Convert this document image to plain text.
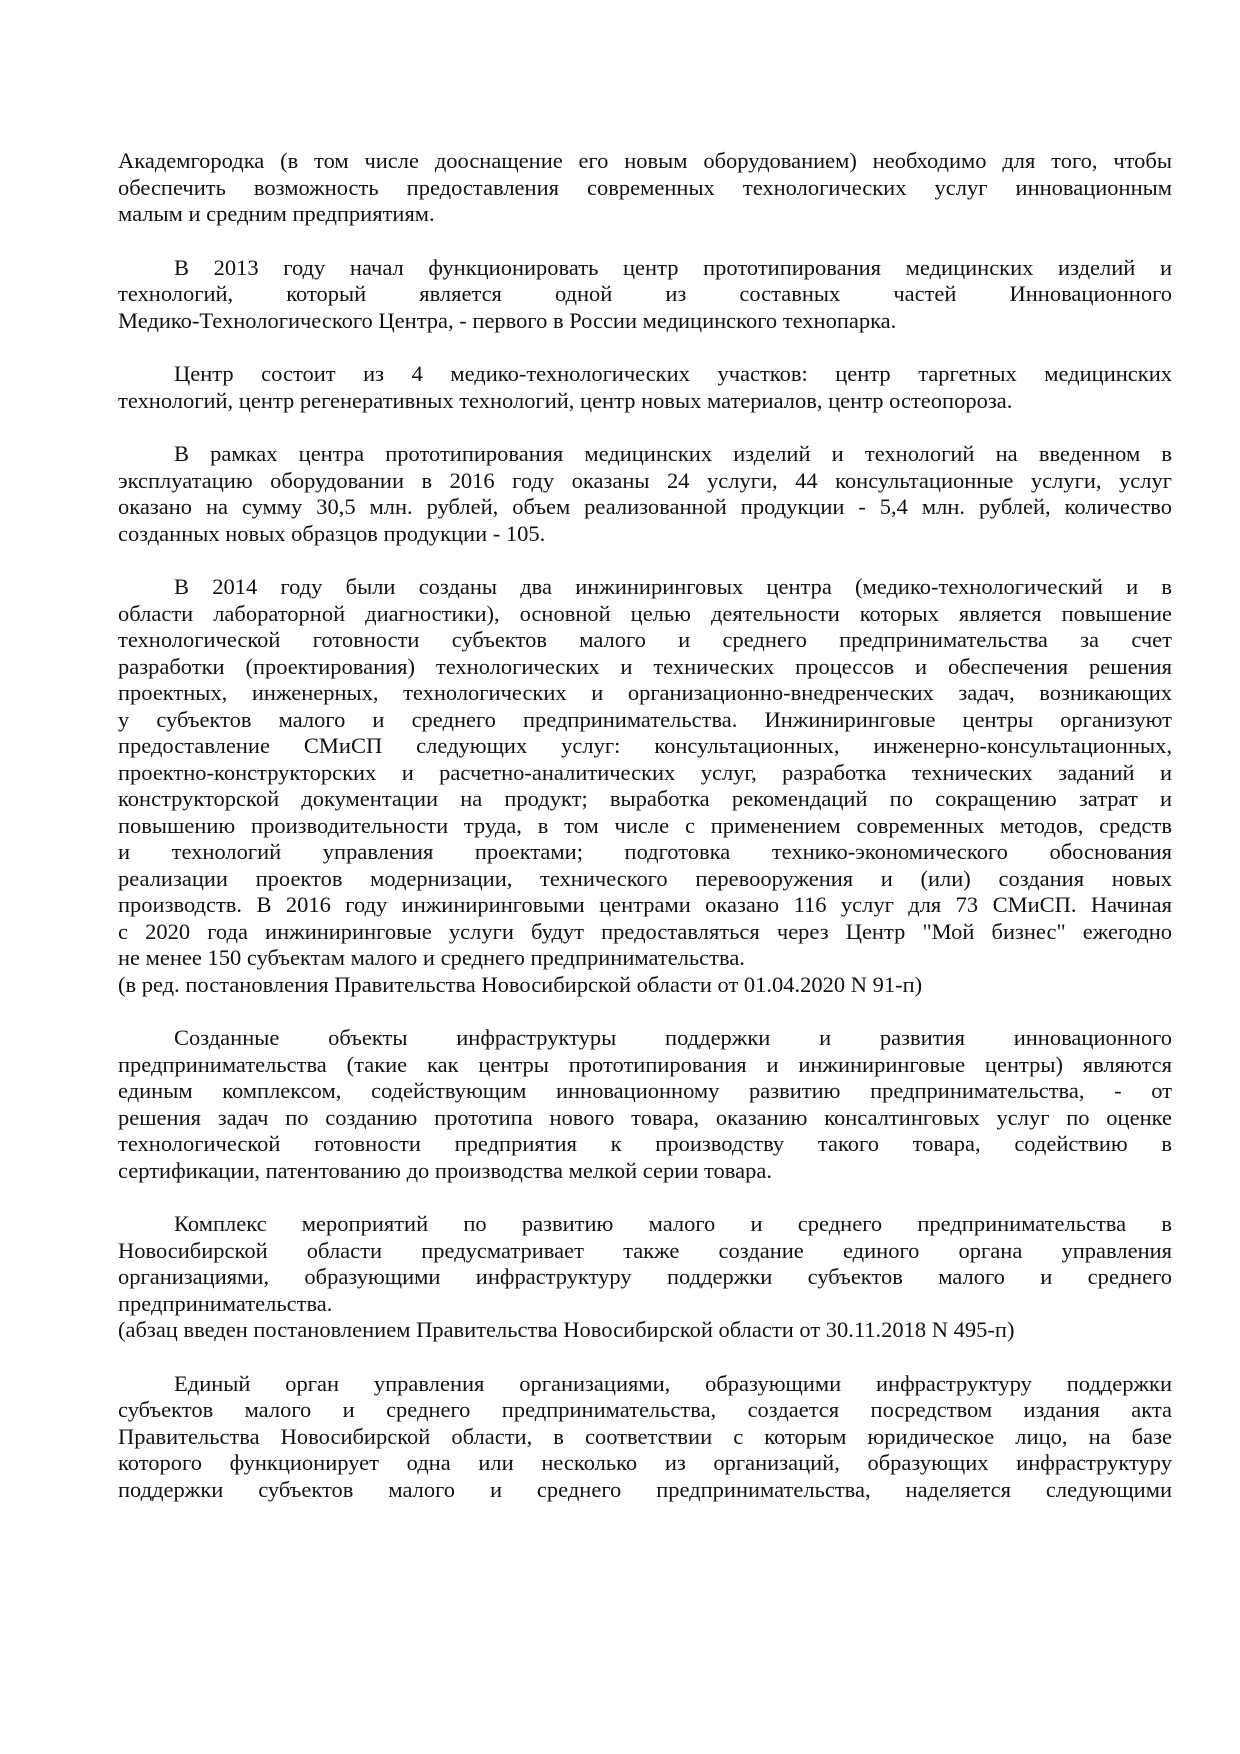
Академгородка (в том числе дооснащение его новым оборудованием) необходимо для того, чтобы
обеспечить возможность предоставления современных технологических услуг инновационным
малым и средним предприятиям.

В 2013 году начал функционировать центр прототипирования медицинских изделий и
технологий, который является одной из составных частей Инновационного
Медико-Технологического Центра, - первого в России медицинского технопарка.

Центр состоит из 4 медико-технологических участков: центр таргетных медицинских
технологий, центр регенеративных технологий, центр новых материалов, центр остеопороза.

В рамках центра прототипирования медицинских изделий и технологий на введенном в
эксплуатацию оборудовании в 2016 году оказаны 24 услуги, 44 консультационные услуги, услуг
оказано на сумму 30,5 млн. рублей, объем реализованной продукции - 5,4 млн. рублей, количество
созданных новых образцов продукции - 105.

В 2014 году были созданы два инжиниринговых центра (медико-технологический и в
области лабораторной диагностики), основной целью деятельности которых является повышение
технологической готовности субъектов малого и среднего предпринимательства за счет
разработки (проектирования) технологических и технических процессов и обеспечения решения
проектных, инженерных, технологических и организационно-внедренческих задач, возникающих
у субъектов малого и среднего предпринимательства. Инжиниринговые центры организуют
предоставление СМиСП следующих услуг: консультационных, инженерно-консультационных,
проектно-конструкторских и расчетно-аналитических услуг, разработка технических заданий и
конструкторской документации на продукт; выработка рекомендаций по сокращению затрат и
повышению производительности труда, в том числе с применением современных методов, средств
и технологий управления проектами; подготовка технико-экономического обоснования
реализации проектов модернизации, технического перевооружения и (или) создания новых
производств. В 2016 году инжиниринговыми центрами оказано 116 услуг для 73 СМиСП. Начиная
с 2020 года инжиниринговые услуги будут предоставляться через Центр "Мой бизнес" ежегодно
не менее 150 субъектам малого и среднего предпринимательства.

(в ред. постановления Правительства Новосибирской области от 01.04.2020 N 91-п)

Созданные объекты инфраструктуры поддержки и развития инновационного
предпринимательства (такие как центры прототипирования и инжиниринговые центры) являются
единым комплексом, содействующим инновационному развитию предпринимательства, - от
решения задач по созданию прототипа нового товара, оказанию консалтинговых услуг по оценке
технологической готовности предприятия к производству такого товара, содействию в
сертификации, патентованию до производства мелкой серии товара.

Комплекс мероприятий по развитию малого и среднего предпринимательства в
Новосибирской области предусматривает также создание единого органа управления
организациями, образующими инфраструктуру поддержки субъектов малого и среднего
предпринимательства.

(абзац введен постановлением Правительства Новосибирской области от 30.11.2018 N 495-п)

Единый орган управления организациями, образующими инфраструктуру поддержки
субъектов малого и среднего предпринимательства, создается посредством издания акта
Правительства Новосибирской области, в соответствии с которым юридическое лицо, на базе
которого функционирует одна или несколько из организаций, образующих инфраструктуру
поддержки субъектов малого и среднего предпринимательства, наделяется следующими
